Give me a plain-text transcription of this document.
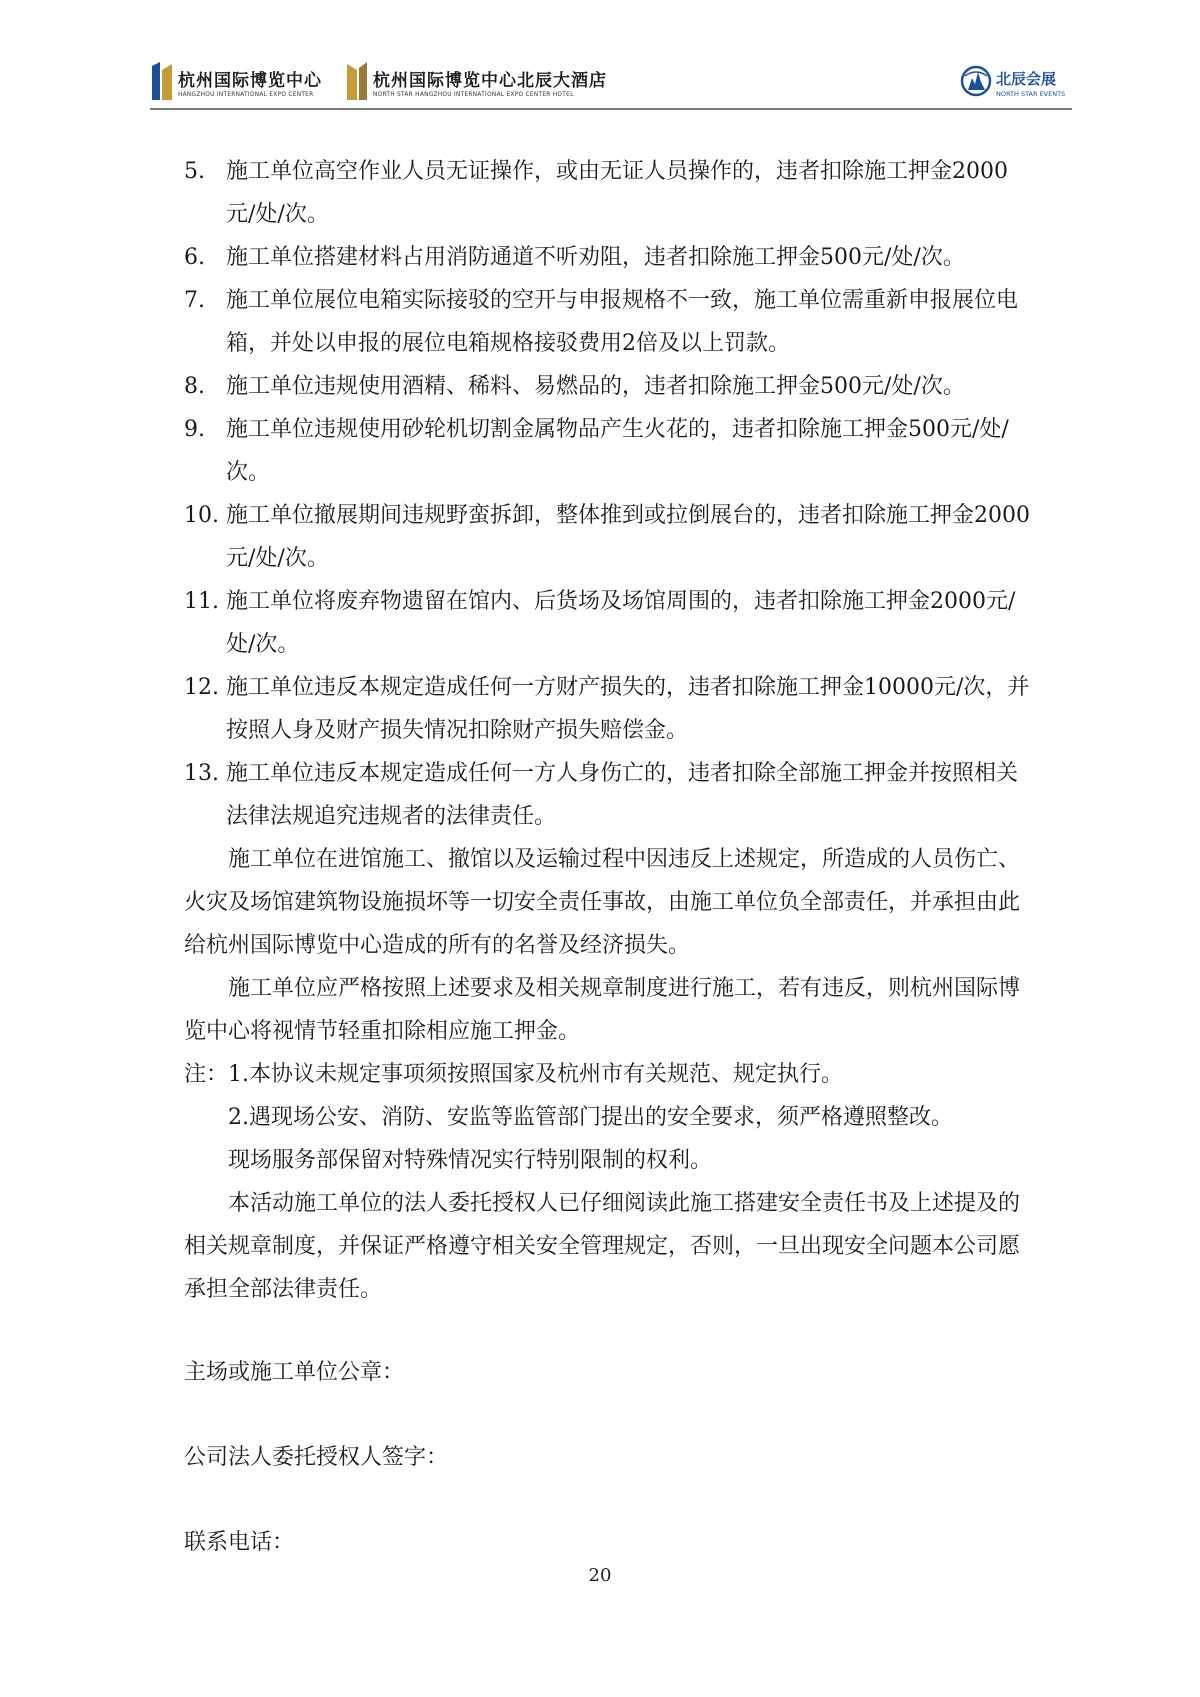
杭州国际博览中心
HANGZHOU INTERNATIONAL EXPO CENTER
杭州国际博览中心北辰大酒店
NORTH STAR HANGZHOU INTERNATIONAL EXPO CENTER HOTEL
北辰会展
NORTH STAR EVENTS
5. 施工单位高空作业人员无证操作，或由无证人员操作的，违者扣除施工押金2000元/处/次。
6. 施工单位搭建材料占用消防通道不听劝阻，违者扣除施工押金500元/处/次。
7. 施工单位展位电箱实际接驳的空开与申报规格不一致，施工单位需重新申报展位电箱，并处以申报的展位电箱规格接驳费用2倍及以上罚款。
8. 施工单位违规使用酒精、稀料、易燃品的，违者扣除施工押金500元/处/次。
9. 施工单位违规使用砂轮机切割金属物品产生火花的，违者扣除施工押金500元/处/次。
10. 施工单位撤展期间违规野蛮拆卸，整体推到或拉倒展台的，违者扣除施工押金2000元/处/次。
11. 施工单位将废弃物遗留在馆内、后货场及场馆周围的，违者扣除施工押金2000元/处/次。
12. 施工单位违反本规定造成任何一方财产损失的，违者扣除施工押金10000元/次，并按照人身及财产损失情况扣除财产损失赔偿金。
13. 施工单位违反本规定造成任何一方人身伤亡的，违者扣除全部施工押金并按照相关法律法规追究违规者的法律责任。

施工单位在进馆施工、撤馆以及运输过程中因违反上述规定，所造成的人员伤亡、火灾及场馆建筑物设施损坏等一切安全责任事故，由施工单位负全部责任，并承担由此给杭州国际博览中心造成的所有的名誉及经济损失。

施工单位应严格按照上述要求及相关规章制度进行施工，若有违反，则杭州国际博览中心将视情节轻重扣除相应施工押金。

注：1.本协议未规定事项须按照国家及杭州市有关规范、规定执行。

2.遇现场公安、消防、安监等监管部门提出的安全要求，须严格遵照整改。

现场服务部保留对特殊情况实行特别限制的权利。

本活动施工单位的法人委托授权人已仔细阅读此施工搭建安全责任书及上述提及的相关规章制度，并保证严格遵守相关安全管理规定，否则，一旦出现安全问题本公司愿承担全部法律责任。

主场或施工单位公章：

公司法人委托授权人签字：

联系电话：

20
